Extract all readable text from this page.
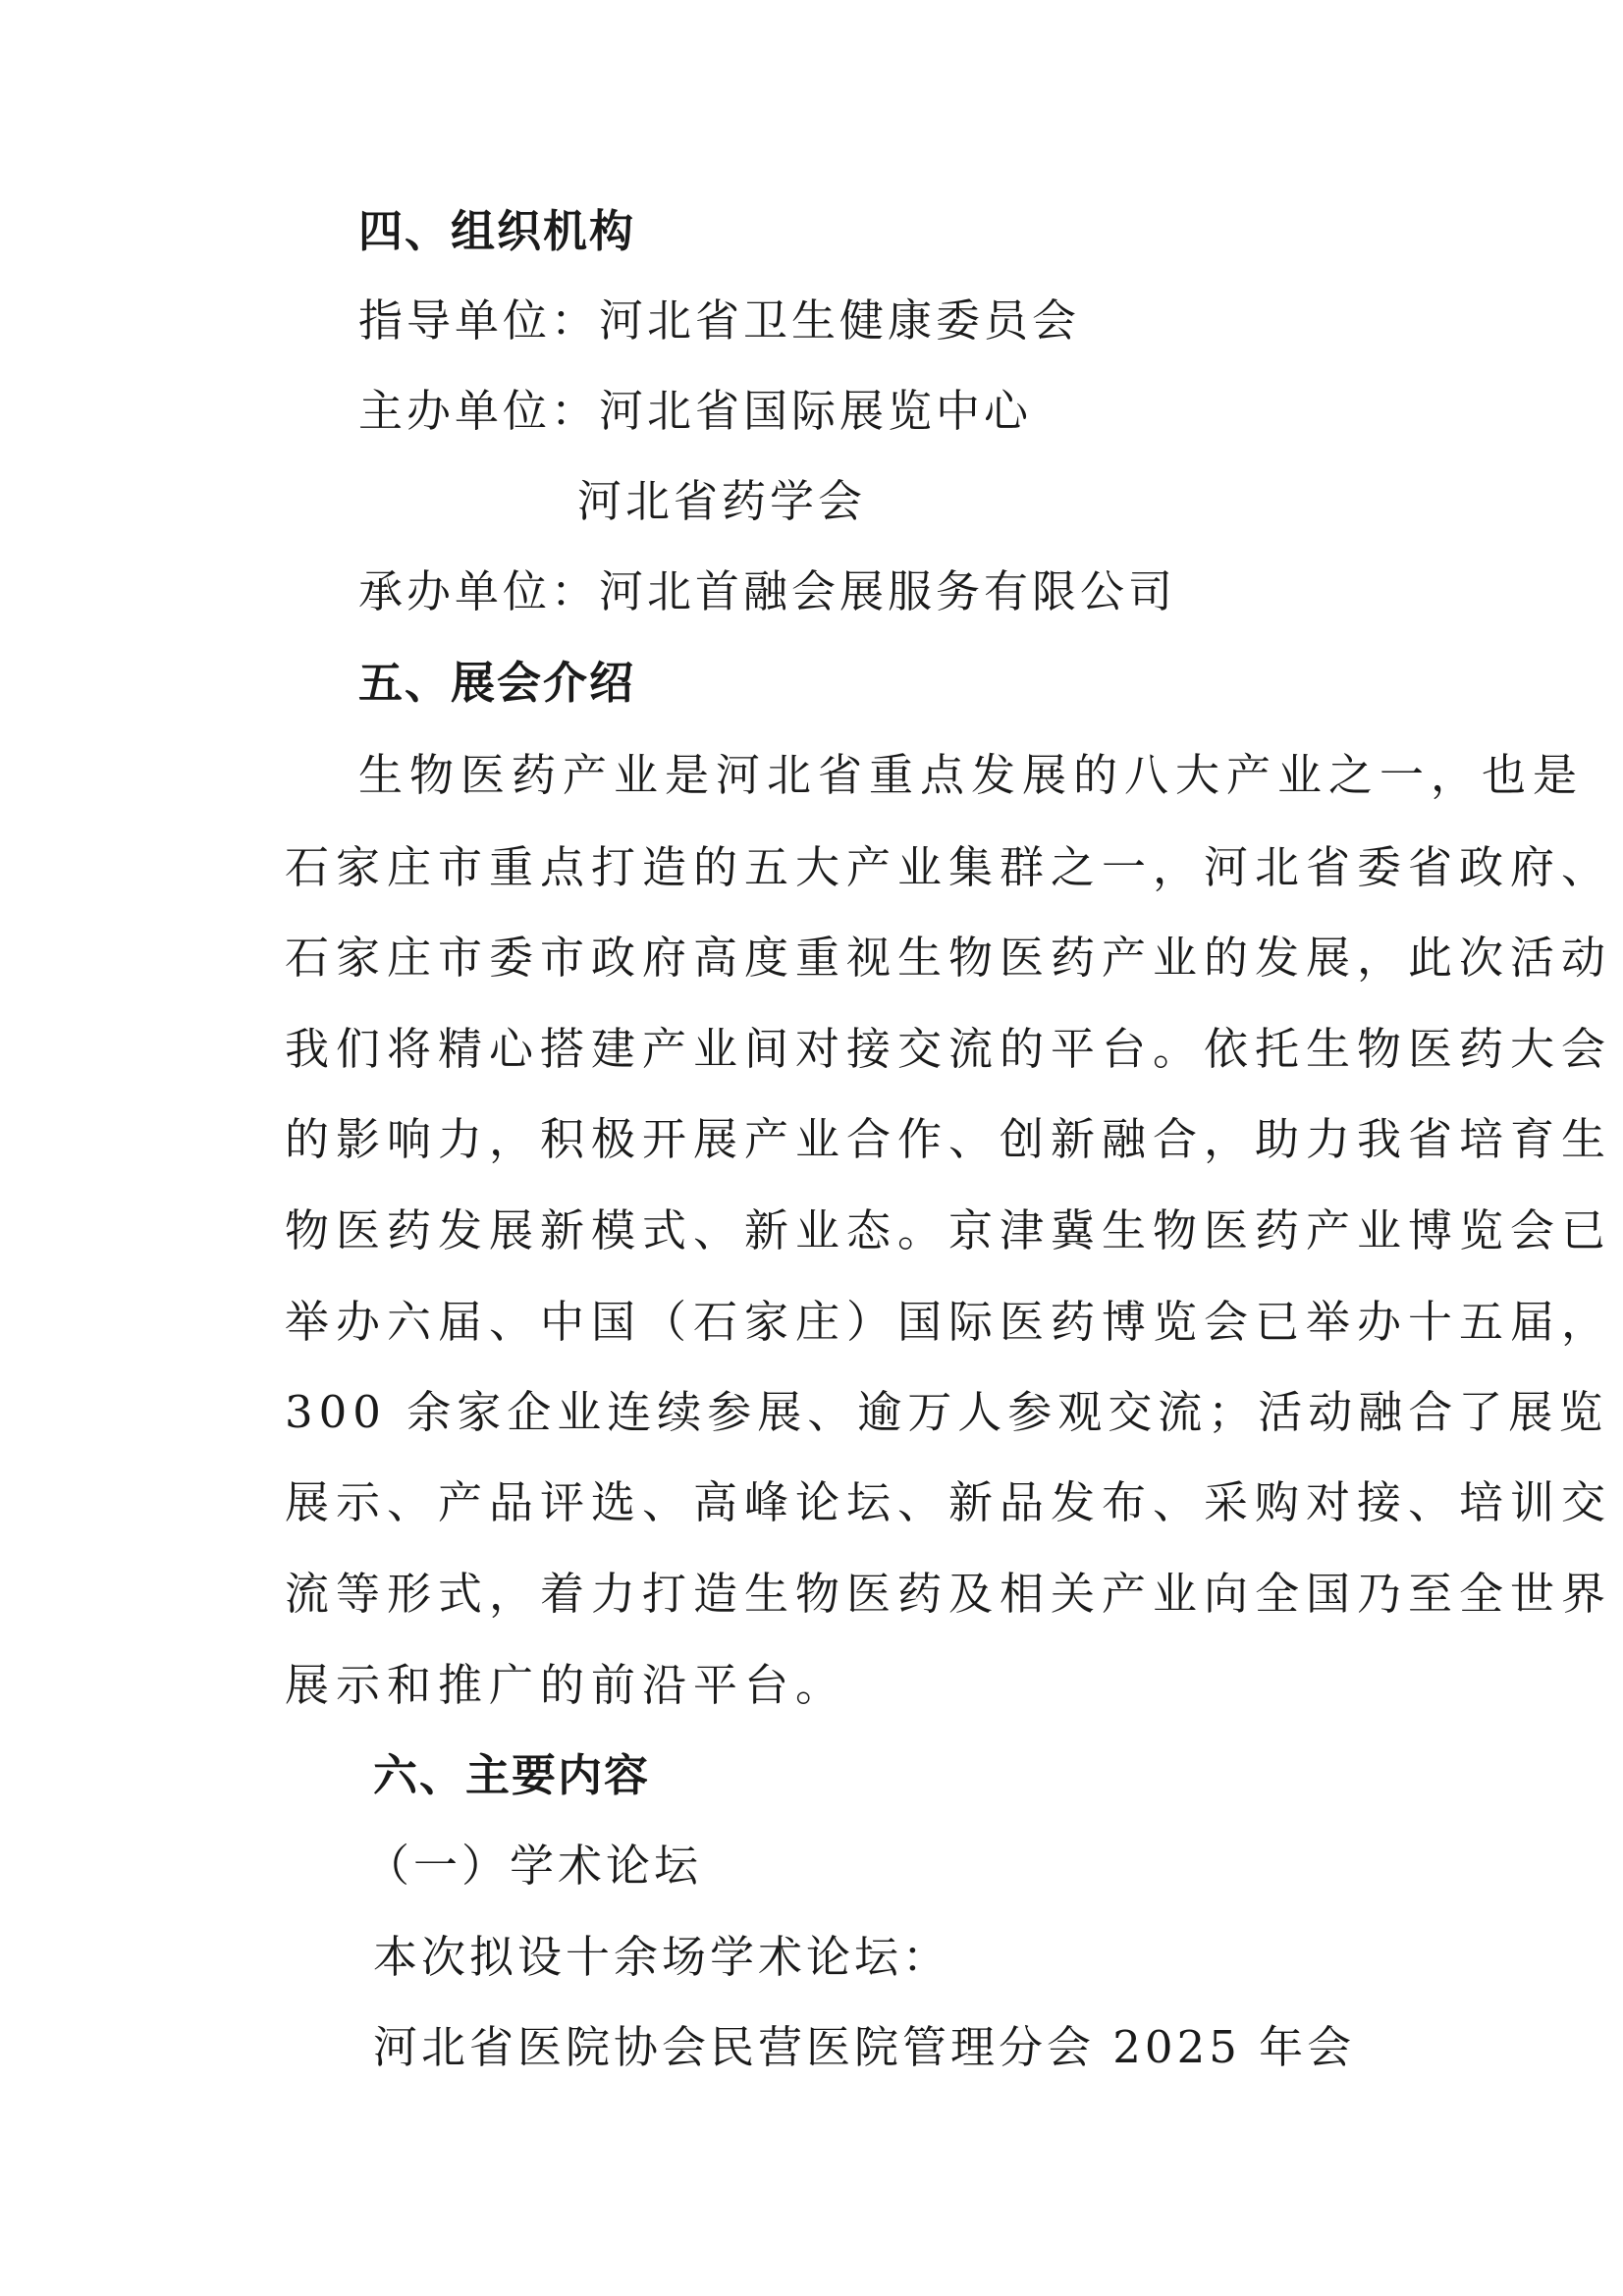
四、组织机构
指导单位：河北省卫生健康委员会
主办单位：河北省国际展览中心
河北省药学会
承办单位：河北首融会展服务有限公司
五、展会介绍
生物医药产业是河北省重点发展的八大产业之一，也是
石家庄市重点打造的五大产业集群之一，河北省委省政府、
石家庄市委市政府高度重视生物医药产业的发展，此次活动
我们将精心搭建产业间对接交流的平台。依托生物医药大会
的影响力，积极开展产业合作、创新融合，助力我省培育生
物医药发展新模式、新业态。京津冀生物医药产业博览会已
举办六届、中国（石家庄）国际医药博览会已举办十五届，
300 余家企业连续参展、逾万人参观交流；活动融合了展览
展示、产品评选、高峰论坛、新品发布、采购对接、培训交
流等形式，着力打造生物医药及相关产业向全国乃至全世界
展示和推广的前沿平台。
六、主要内容
（一）学术论坛
本次拟设十余场学术论坛：
河北省医院协会民营医院管理分会 2025 年会
